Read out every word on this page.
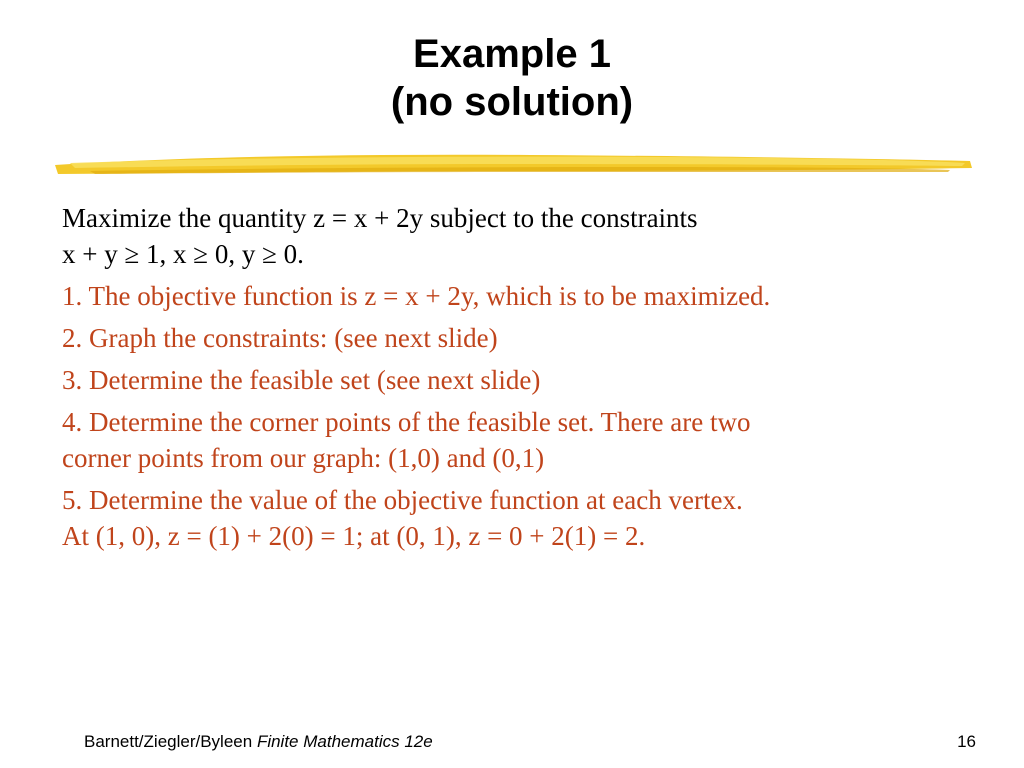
Example 1
(no solution)
Maximize the quantity z = x + 2y subject to the constraints
x + y ≥ 1, x ≥ 0, y ≥ 0.
1. The objective function is z = x + 2y, which is to be maximized.
2. Graph the constraints: (see next slide)
3. Determine the feasible set (see next slide)
4. Determine the corner points of the feasible set. There are two
corner points from our graph: (1,0) and (0,1)
5. Determine the value of the objective function at each vertex.
At (1, 0), z = (1) + 2(0) = 1; at (0, 1), z = 0 + 2(1) = 2.
Barnett/Ziegler/Byleen Finite Mathematics 12e	16
